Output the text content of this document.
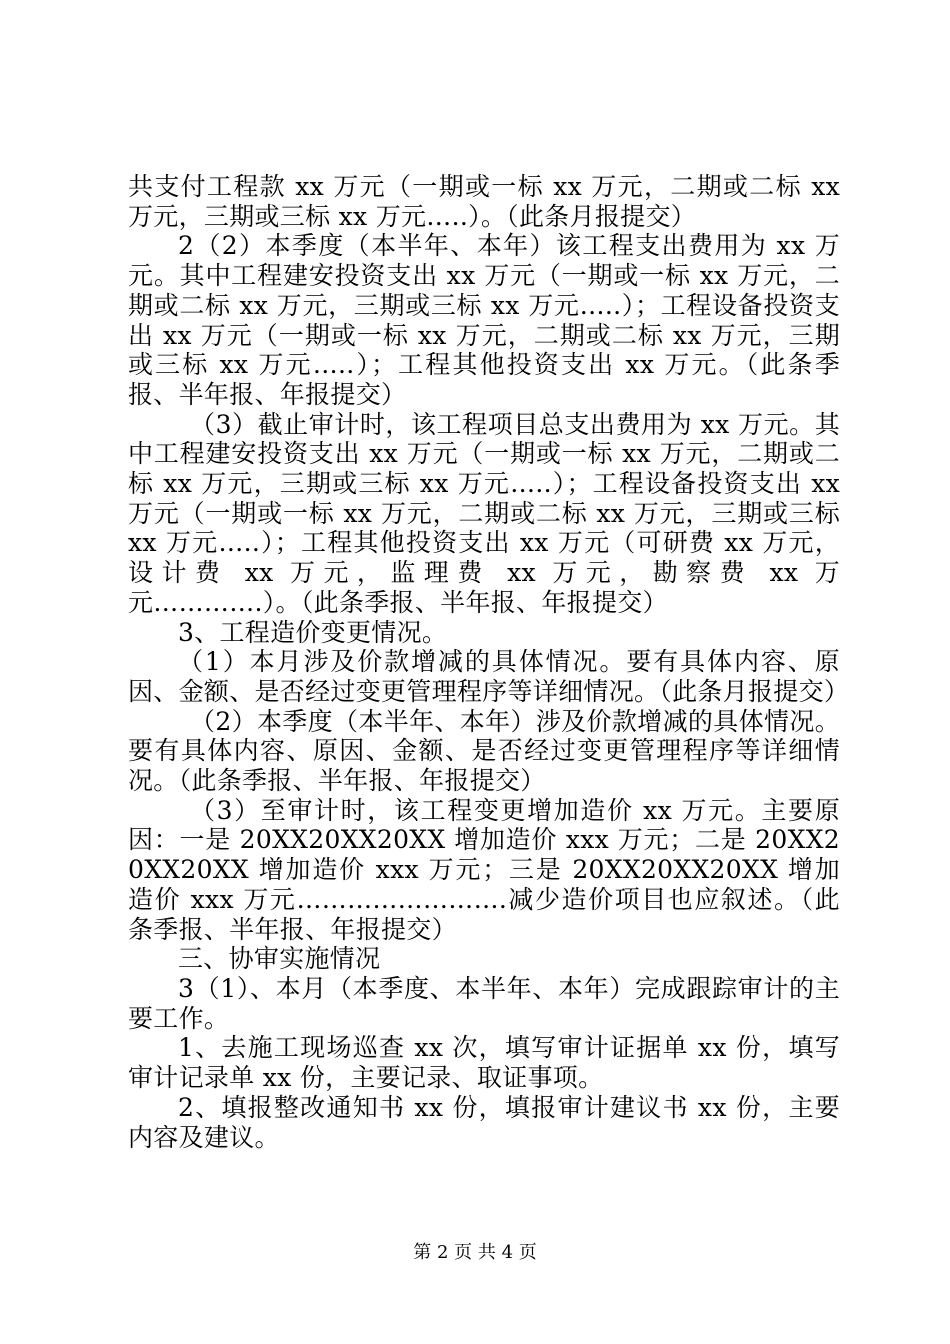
共支付工程款 xx 万元（一期或一标 xx 万元，二期或二标 xx 万元，三期或三标 xx 万元…..）。（此条月报提交）

2（2）本季度（本半年、本年）该工程支出费用为 xx 万元。其中工程建安投资支出 xx 万元（一期或一标 xx 万元，二期或二标 xx 万元，三期或三标 xx 万元…..）；工程设备投资支出 xx 万元（一期或一标 xx 万元，二期或二标 xx 万元，三期或三标 xx 万元…..）；工程其他投资支出 xx 万元。（此条季报、半年报、年报提交）

（3）截止审计时，该工程项目总支出费用为 xx 万元。其中工程建安投资支出 xx 万元（一期或一标 xx 万元，二期或二标 xx 万元，三期或三标 xx 万元…..）；工程设备投资支出 xx 万元（一期或一标 xx 万元，二期或二标 xx 万元，三期或三标 xx 万元…..）；工程其他投资支出 xx 万元（可研费 xx 万元，设计费 xx 万元，监理费 xx 万元，勘察费 xx 万元………….）。（此条季报、半年报、年报提交）

3、工程造价变更情况。

（1）本月涉及价款增减的具体情况。要有具体内容、原因、金额、是否经过变更管理程序等详细情况。（此条月报提交）

（2）本季度（本半年、本年）涉及价款增减的具体情况。要有具体内容、原因、金额、是否经过变更管理程序等详细情况。（此条季报、半年报、年报提交）

（3）至审计时，该工程变更增加造价 xx 万元。主要原因：一是 20XX20XX20XX 增加造价 xxx 万元；二是 20XX20XX20XX 增加造价 xxx 万元；三是 20XX20XX20XX 增加造价 xxx 万元…………………….减少造价项目也应叙述。（此条季报、半年报、年报提交）

三、协审实施情况

3（1）、本月（本季度、本半年、本年）完成跟踪审计的主要工作。

1、去施工现场巡查 xx 次，填写审计证据单 xx 份，填写审计记录单 xx 份，主要记录、取证事项。

2、填报整改通知书 xx 份，填报审计建议书 xx 份，主要内容及建议。

第 2 页 共 4 页
